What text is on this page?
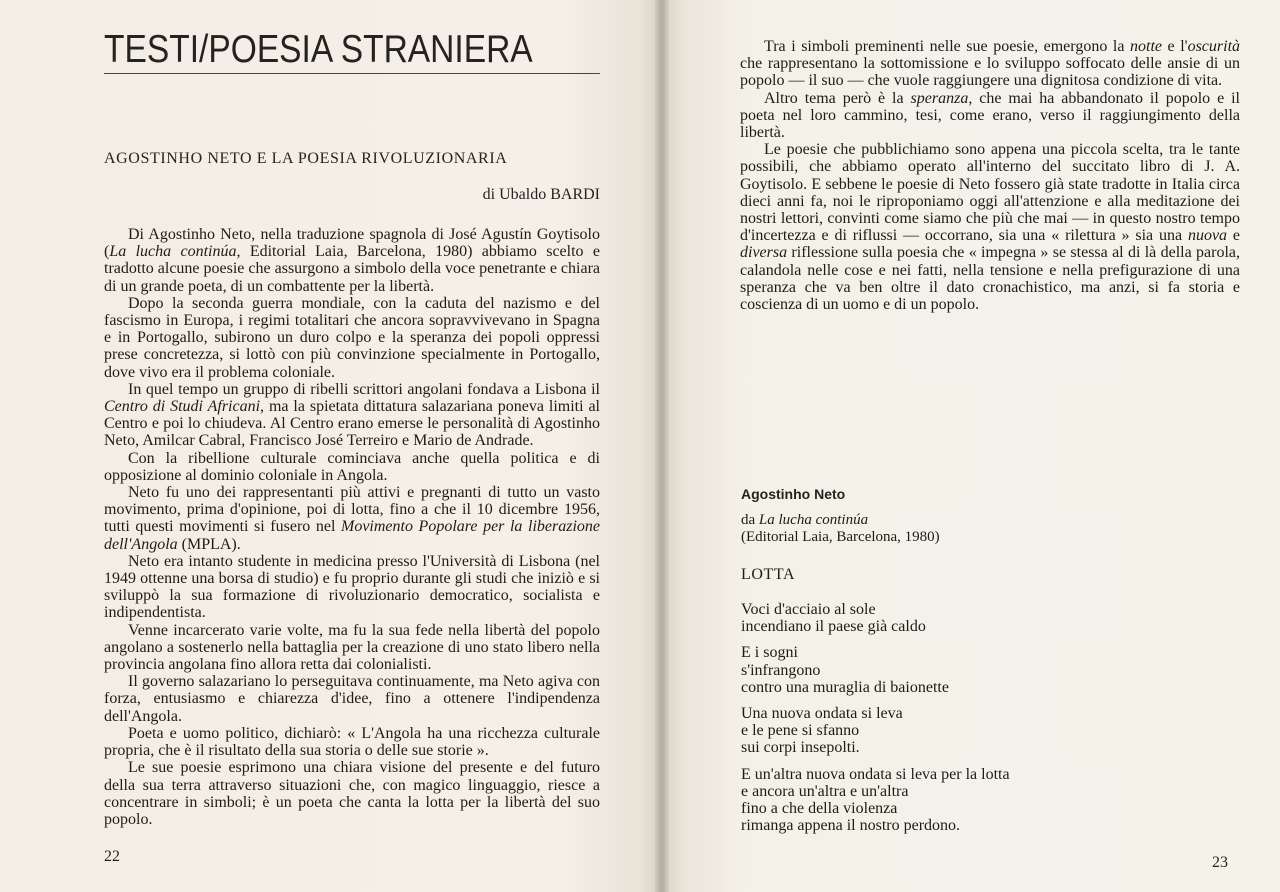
TESTI/POESIA STRANIERA
AGOSTINHO NETO E LA POESIA RIVOLUZIONARIA
di Ubaldo BARDI

Di Agostinho Neto, nella traduzione spagnola di José Agustín Goytisolo (La lucha continúa, Editorial Laia, Barcelona, 1980) abbiamo scelto e tradotto alcune poesie che assurgono a simbolo della voce penetrante e chiara di un grande poeta, di un combattente per la libertà.

Dopo la seconda guerra mondiale, con la caduta del nazismo e del fascismo in Europa, i regimi totalitari che ancora sopravvivevano in Spagna e in Portogallo, subirono un duro colpo e la speranza dei popoli oppressi prese concretezza, si lottò con più convinzione specialmente in Portogallo, dove vivo era il problema coloniale.

In quel tempo un gruppo di ribelli scrittori angolani fondava a Lisbona il Centro di Studi Africani, ma la spietata dittatura salazariana poneva limiti al Centro e poi lo chiudeva. Al Centro erano emerse le personalità di Agostinho Neto, Amilcar Cabral, Francisco José Terreiro e Mario de Andrade.

Con la ribellione culturale cominciava anche quella politica e di opposizione al dominio coloniale in Angola.

Neto fu uno dei rappresentanti più attivi e pregnanti di tutto un vasto movimento, prima d'opinione, poi di lotta, fino a che il 10 dicembre 1956, tutti questi movimenti si fusero nel Movimento Popolare per la liberazione dell'Angola (MPLA).

Neto era intanto studente in medicina presso l'Università di Lisbona (nel 1949 ottenne una borsa di studio) e fu proprio durante gli studi che iniziò e si sviluppò la sua formazione di rivoluzionario democratico, socialista e indipendentista.

Venne incarcerato varie volte, ma fu la sua fede nella libertà del popolo angolano a sostenerlo nella battaglia per la creazione di uno stato libero nella provincia angolana fino allora retta dai colonialisti.

Il governo salazariano lo perseguitava continuamente, ma Neto agiva con forza, entusiasmo e chiarezza d'idee, fino a ottenere l'indipendenza dell'Angola.

Poeta e uomo politico, dichiarò: « L'Angola ha una ricchezza culturale propria, che è il risultato della sua storia o delle sue storie ».

Le sue poesie esprimono una chiara visione del presente e del futuro della sua terra attraverso situazioni che, con magico linguaggio, riesce a concentrare in simboli; è un poeta che canta la lotta per la libertà del suo popolo.

22

Tra i simboli preminenti nelle sue poesie, emergono la notte e l'oscurità che rappresentano la sottomissione e lo sviluppo soffocato delle ansie di un popolo — il suo — che vuole raggiungere una dignitosa condizione di vita.

Altro tema però è la speranza, che mai ha abbandonato il popolo e il poeta nel loro cammino, tesi, come erano, verso il raggiungimento della libertà.

Le poesie che pubblichiamo sono appena una piccola scelta, tra le tante possibili, che abbiamo operato all'interno del succitato libro di J. A. Goytisolo. E sebbene le poesie di Neto fossero già state tradotte in Italia circa dieci anni fa, noi le riproponiamo oggi all'attenzione e alla meditazione dei nostri lettori, convinti come siamo che più che mai — in questo nostro tempo d'incertezza e di riflussi — occorrano, sia una « rilettura » sia una nuova e diversa riflessione sulla poesia che « impegna » se stessa al di là della parola, calandola nelle cose e nei fatti, nella tensione e nella prefigurazione di una speranza che va ben oltre il dato cronachistico, ma anzi, si fa storia e coscienza di un uomo e di un popolo.

Agostinho Neto
da La lucha continúa
(Editorial Laia, Barcelona, 1980)
LOTTA
Voci d'acciaio al sole
incendiano il paese già caldo
E i sogni
s'infrangono
contro una muraglia di baionette
Una nuova ondata si leva
e le pene si sfanno
sui corpi insepolti.
E un'altra nuova ondata si leva per la lotta
e ancora un'altra e un'altra
fino a che della violenza
rimanga appena il nostro perdono.
23
